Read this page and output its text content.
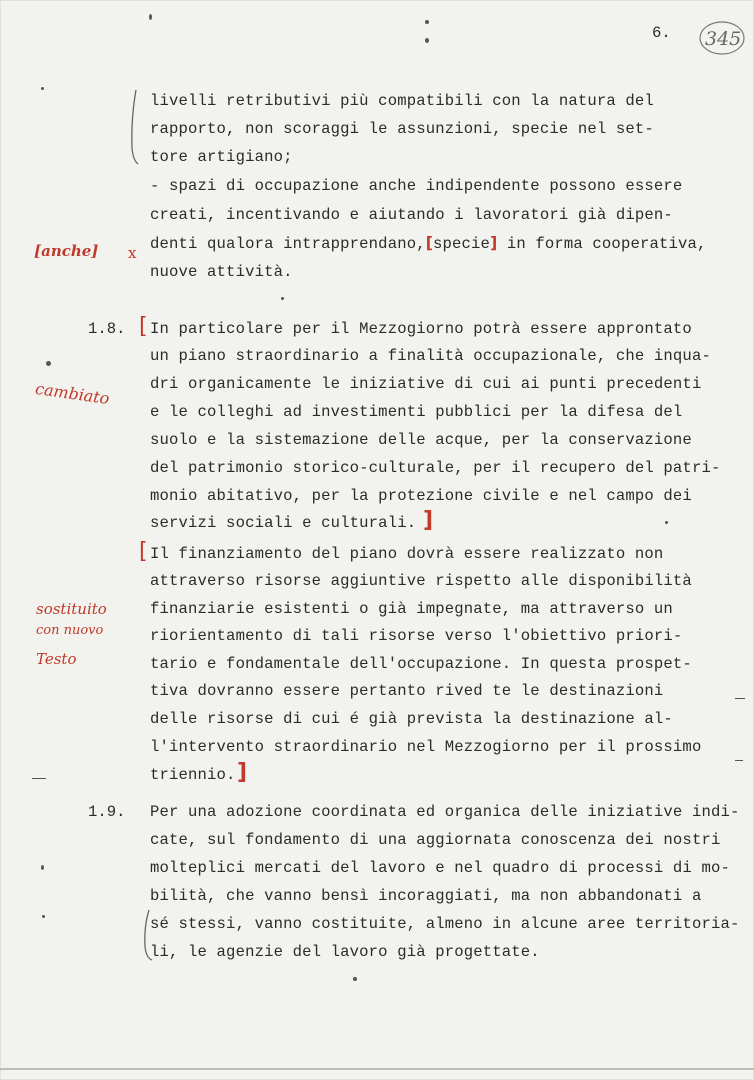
6. 345
livelli retributivi più compatibili con la natura del
rapporto, non scoraggi le assunzioni, specie nel set-
tore artigiano;
- spazi di occupazione anche indipendente possono essere
creati, incentivando e aiutando i lavoratori già dipen-
denti qualora intrapprendano,[specie] in forma cooperativa,
nuove attività.
1.8. [ In particolare per il Mezzogiorno potrà essere approntato
un piano straordinario a finalità occupazionale, che inqua-
dri organicamente le iniziative di cui ai punti precedenti
e le colleghi ad investimenti pubblici per la difesa del
suolo e la sistemazione delle acque, per la conservazione
del patrimonio storico-culturale, per il recupero del patri-
monio abitativo, per la protezione civile e nel campo dei
servizi sociali e culturali. ]
[ Il finanziamento del piano dovrà essere realizzato non
attraverso risorse aggiuntive rispetto alle disponibilità
finanziarie esistenti o già impegnate, ma attraverso un
riorientamento di tali risorse verso l'obiettivo priori-
tario e fondamentale dell'occupazione. In questa prospet-
tiva dovranno essere pertanto rived te le destinazioni
delle risorse di cui é già prevista la destinazione al-
l'intervento straordinario nel Mezzogiorno per il prossimo
triennio. ]
1.9. Per una adozione coordinata ed organica delle iniziative indi-
cate, sul fondamento di una aggiornata conoscenza dei nostri
molteplici mercati del lavoro e nel quadro di processi di mo-
bilità, che vanno bensì incoraggiati, ma non abbandonati a
sé stessi, vanno costituite, almeno in alcune aree territoria-
li, le agenzie del lavoro già progettate.
[anche] x
cambiato
sostituito
con nuovo
Testo
